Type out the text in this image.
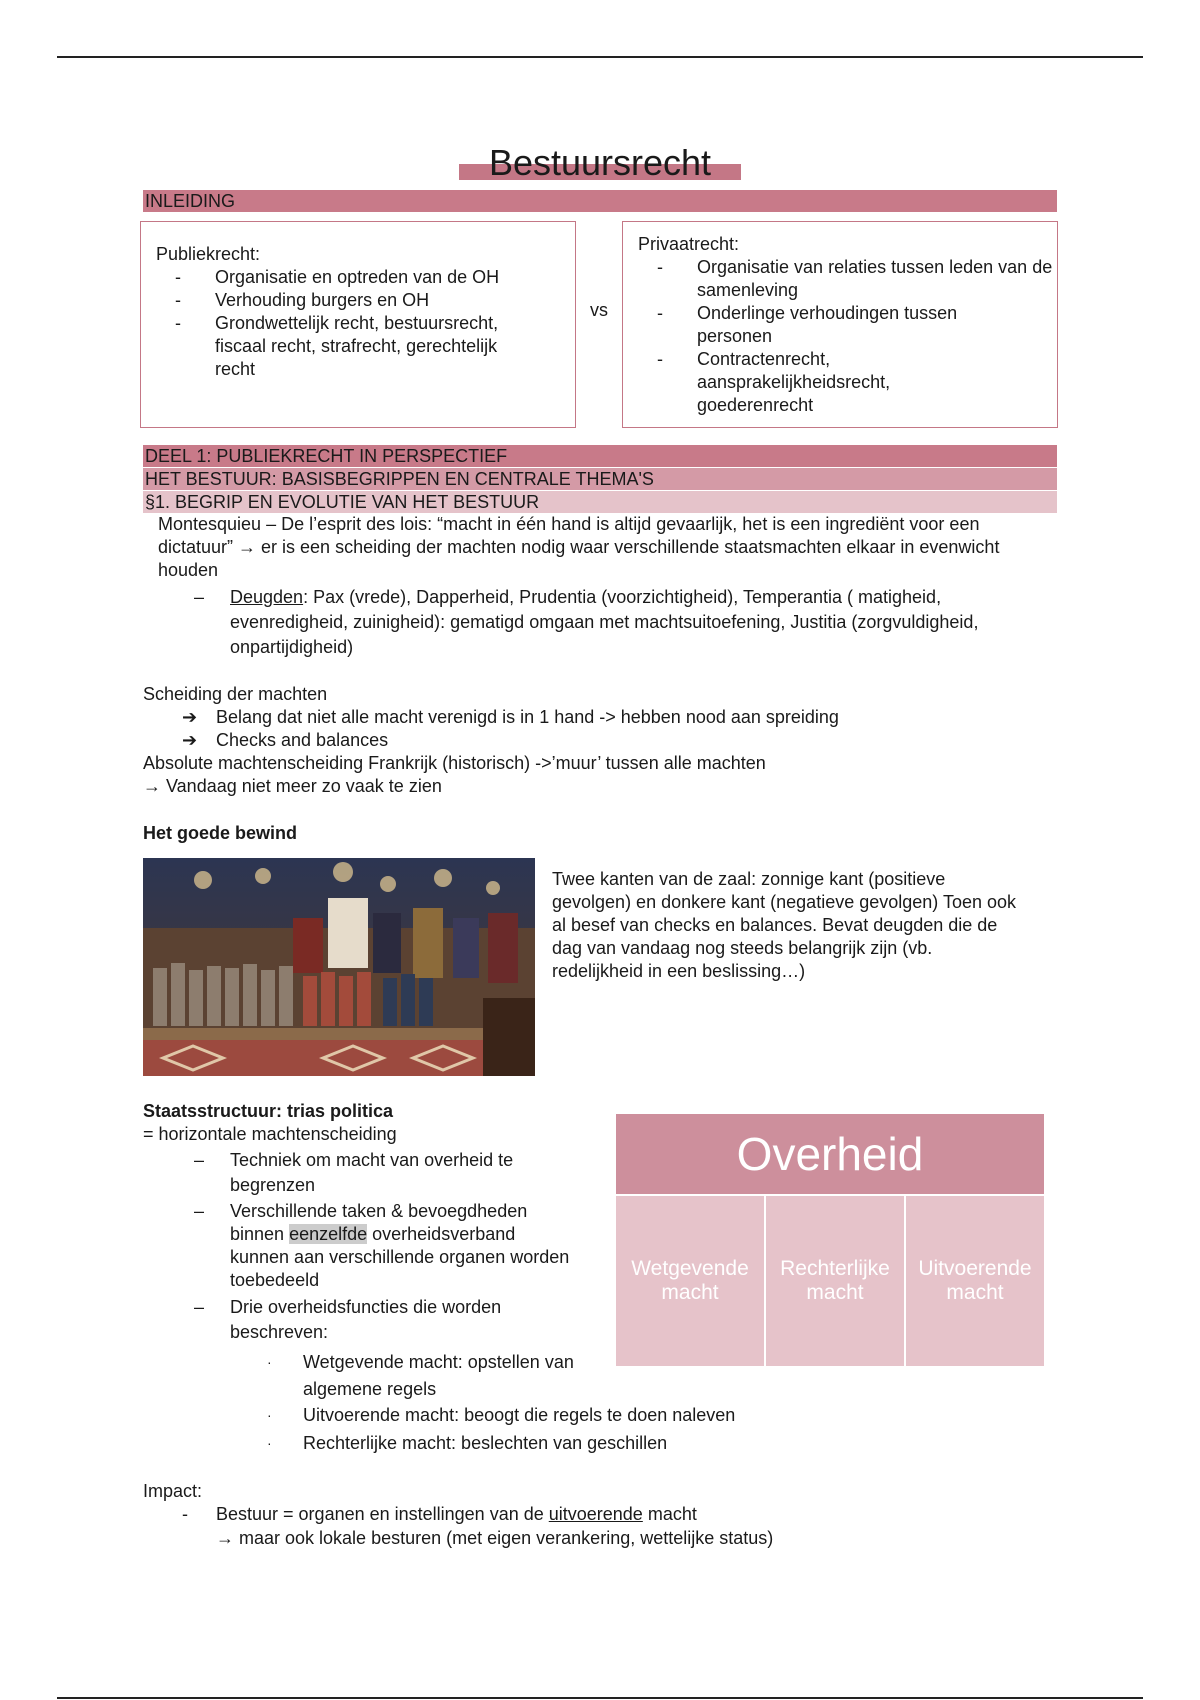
Bestuursrecht
INLEIDING
Publiekrecht:
- Organisatie en optreden van de OH
- Verhouding burgers en OH
- Grondwettelijk recht, bestuursrecht, fiscaal recht, strafrecht, gerechtelijk recht
vs
Privaatrecht:
- Organisatie van relaties tussen leden van de samenleving
- Onderlinge verhoudingen tussen personen
- Contractenrecht, aansprakelijkheidsrecht, goederenrecht
DEEL 1: PUBLIEKRECHT IN PERSPECTIEF
HET BESTUUR: BASISBEGRIPPEN EN CENTRALE THEMA'S
§1. BEGRIP EN EVOLUTIE VAN HET BESTUUR
Montesquieu – De l’esprit des lois: “macht in één hand is altijd gevaarlijk, het is een ingrediënt voor een dictatuur” → er is een scheiding der machten nodig waar verschillende staatsmachten elkaar in evenwicht houden
– Deugden: Pax (vrede), Dapperheid, Prudentia (voorzichtigheid), Temperantia ( matigheid, evenredigheid, zuinigheid): gematigd omgaan met machtsuitoefening, Justitia (zorgvuldigheid, onpartijdigheid)
Scheiding der machten
➔ Belang dat niet alle macht verenigd is in 1 hand -> hebben nood aan spreiding
➔ Checks and balances
Absolute machtenscheiding Frankrijk (historisch) ->’muur’ tussen alle machten
→ Vandaag niet meer zo vaak te zien
Het goede bewind
Twee kanten van de zaal: zonnige kant (positieve gevolgen) en donkere kant (negatieve gevolgen) Toen ook al besef van checks en balances. Bevat deugden die de dag van vandaag nog steeds belangrijk zijn (vb. redelijkheid in een beslissing…)
Staatsstructuur: trias politica
= horizontale machtenscheiding
– Techniek om macht van overheid te begrenzen
– Verschillende taken & bevoegdheden binnen eenzelfde overheidsverband kunnen aan verschillende organen worden toebedeeld
– Drie overheidsfuncties die worden beschreven:
· Wetgevende macht: opstellen van algemene regels
· Uitvoerende macht: beoogt die regels te doen naleven
· Rechterlijke macht: beslechten van geschillen
Overheid
Wetgevende macht
Rechterlijke macht
Uitvoerende macht
Impact:
- Bestuur = organen en instellingen van de uitvoerende macht
→ maar ook lokale besturen (met eigen verankering, wettelijke status)
